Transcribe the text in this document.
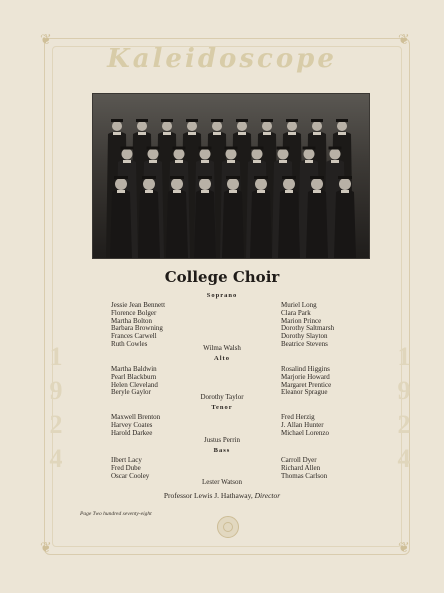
❦	❦
❦	❦
Kaleidoscope
1
9
2
4
1
9
2
4
College Choir
Soprano
Jessie Jean Bennett
Florence Bolger
Martha Bolton
Barbara Browning
Frances Carwell
Ruth Cowles
Muriel Long
Clara Park
Marion Prince
Dorothy Saltmarsh
Dorothy Slayton
Beatrice Stevens
Wilma Walsh
Alto
Martha Baldwin
Pearl Blackburn
Helen Cleveland
Beryle Gaylor
Rosalind Higgins
Marjorie Howard
Margaret Prentice
Eleanor Sprague
Dorothy Taylor
Tenor
Maxwell Brenton
Harvey Coates
Harold Darkee
Fred Herzig
J. Allan Hunter
Michael Lorenzo
Justus Perrin
Bass
Ilbert Lacy
Fred Dube
Oscar Cooley
Carroll Dyer
Richard Allen
Thomas Carlson
Lester Watson
Professor Lewis J. Hathaway, Director
Page Two hundred seventy-eight
